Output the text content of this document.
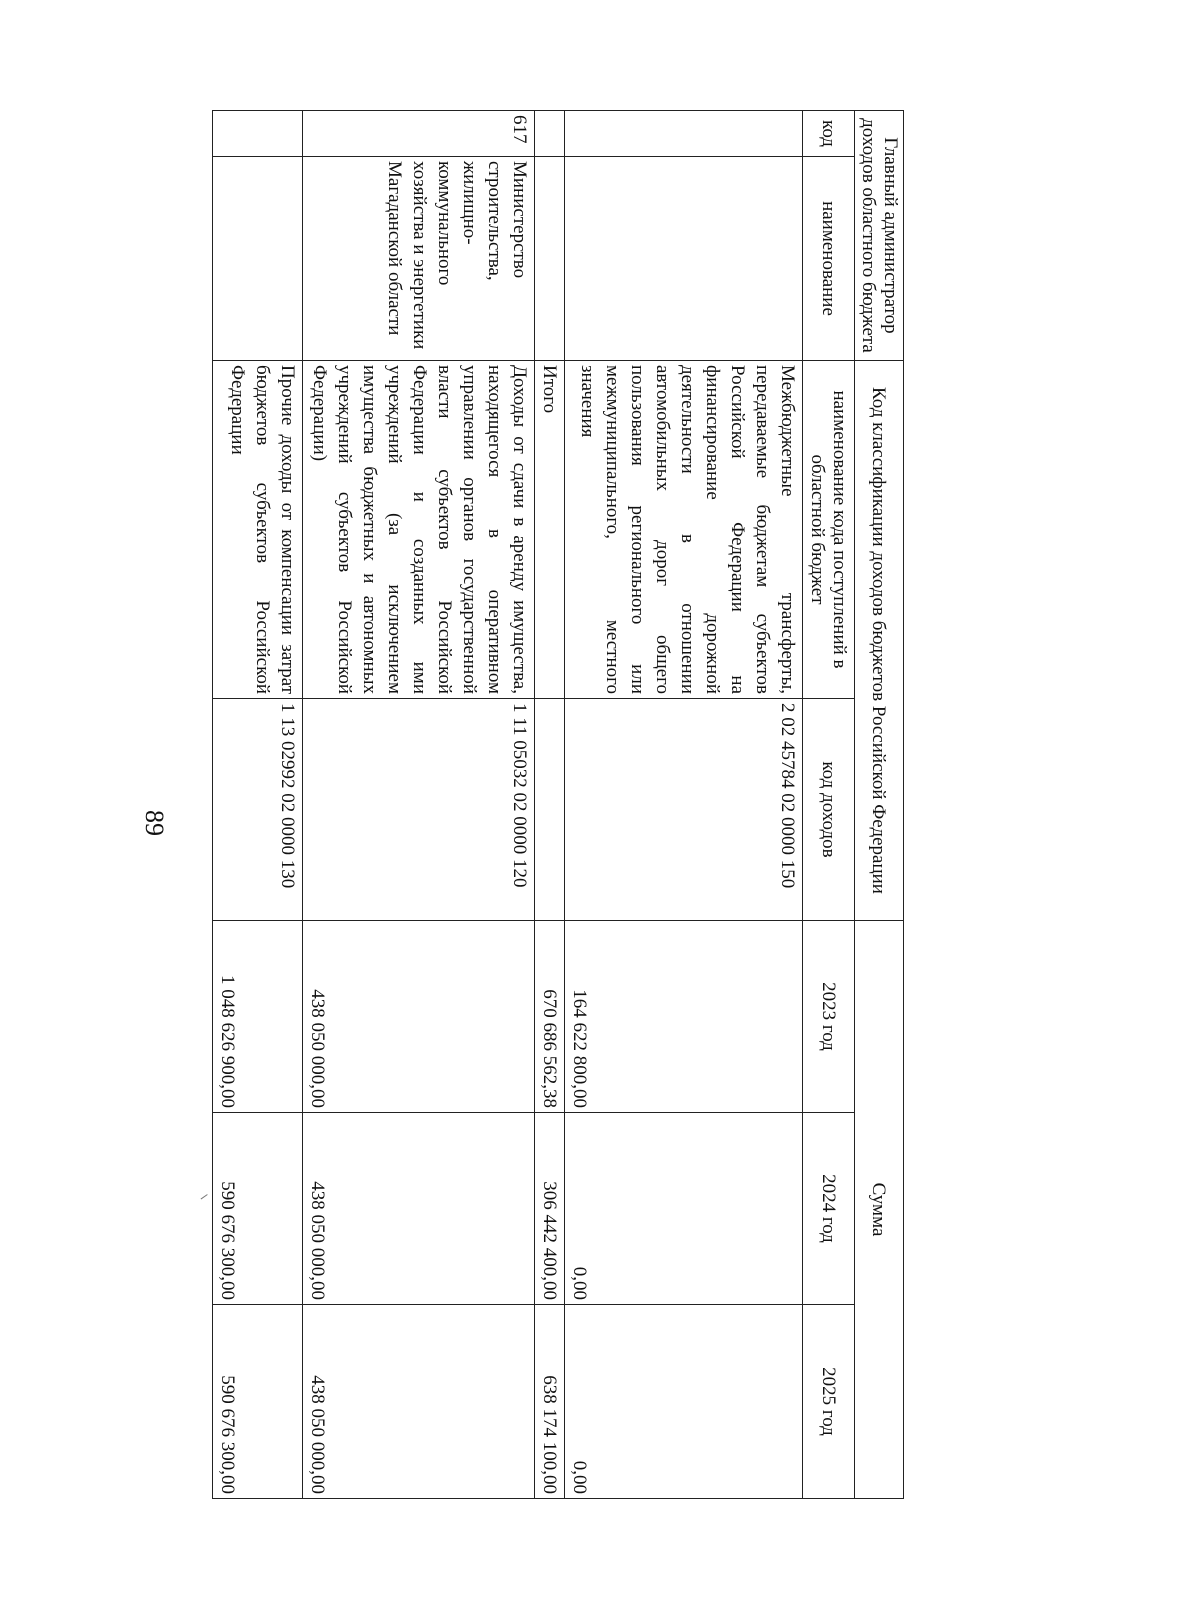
89
Главный администратор доходов областного бюджета		Код классификации доходов бюджетов Российской Федерации		Сумма		
код	наименование	наименование кода поступлений в областной бюджет	код доходов	2023 год	2024 год	2025 год
		Межбюджетные трансферты, передаваемые бюджетам субъектов Российской Федерации на финансирование дорожной деятельности в отношении автомобильных дорог общего пользования регионального или межмуниципального, местного значения	2 02 45784 02 0000 150	164 622 800,00	0,00	0,00
		Итого		670 686 562,38	306 442 400,00	638 174 100,00
617	Министерство строительства, жилищно-коммунального хозяйства и энергетики Магаданской области	Доходы от сдачи в аренду имущества, находящегося в оперативном управлении органов государственной власти субъектов Российской Федерации и созданных ими учреждений (за исключением имущества бюджетных и автономных учреждений субъектов Российской Федерации)	1 11 05032 02 0000 120	438 050 000,00	438 050 000,00	438 050 000,00
		Прочие доходы от компенсации затрат бюджетов субъектов Российской Федерации	1 13 02992 02 0000 130	1 048 626 900,00	590 676 300,00	590 676 300,00
